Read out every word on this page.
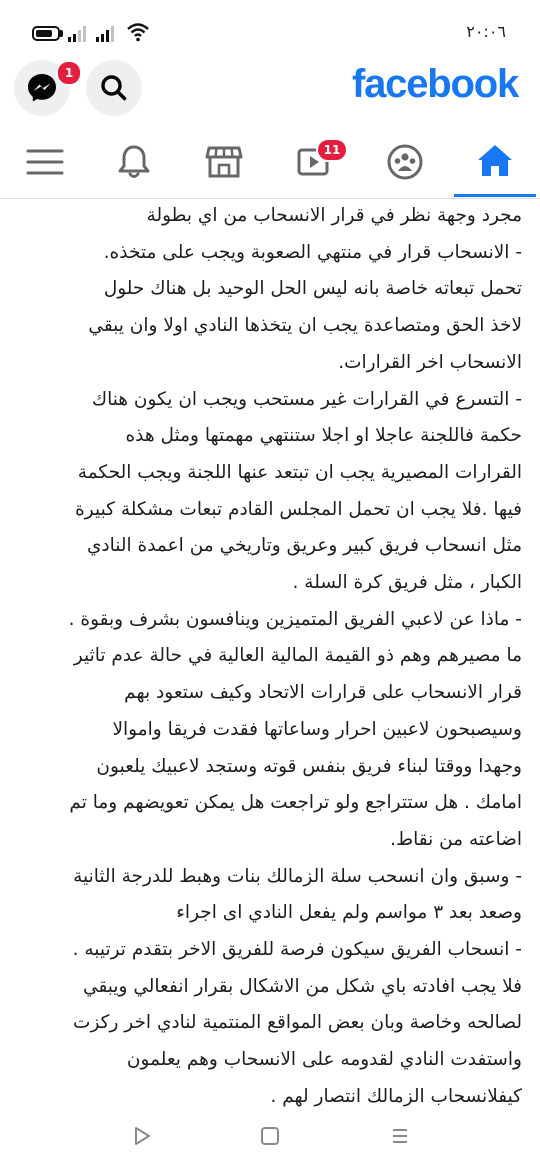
٢٠:٠٦
1	facebook
11

مجرد وجهة نظر في قرار الانسحاب من اي بطولة

- الانسحاب قرار في منتهي الصعوبة ويجب على متخذه.

تحمل تبعاته خاصة بانه ليس الحل الوحيد بل هناك حلول

لاخذ الحق ومتصاعدة يجب ان يتخذها النادي اولا وان يبقي

الانسحاب اخر القرارات.

- التسرع في القرارات غير مستحب ويجب ان يكون هناك

حكمة فاللجنة عاجلا او اجلا ستنتهي مهمتها ومثل هذه

القرارات المصيرية يجب ان تبتعد عنها اللجنة ويجب الحكمة

فيها .فلا يجب ان تحمل المجلس القادم تبعات مشكلة كبيرة

مثل انسحاب فريق كبير وعريق وتاريخي من اعمدة النادي

الكبار ، مثل فريق كرة السلة .

- ماذا عن لاعبي الفريق المتميزين وينافسون بشرف وبقوة .

ما مصيرهم وهم ذو القيمة المالية العالية في حالة عدم تاثير

قرار الانسحاب على قرارات الاتحاد وكيف ستعود بهم

وسيصبحون لاعبين احرار وساعاتها فقدت فريقا واموالا

وجهدا ووقتا لبناء فريق بنفس قوته وستجد لاعبيك يلعبون

امامك . هل ستتراجع ولو تراجعت هل يمكن تعويضهم وما تم

اضاعته من نقاط.

- وسبق وان انسحب سلة الزمالك بنات وهبط للدرجة الثانية

وصعد بعد ٣ مواسم ولم يفعل النادي اى اجراء

- انسحاب الفريق سيكون فرصة للفريق الاخر بتقدم ترتيبه .

فلا يجب افادته باي شكل من الاشكال بقرار انفعالي ويبقي

لصالحه وخاصة وبان بعض المواقع المنتمية لنادي اخر ركزت

واستفدت النادي لقدومه على الانسحاب وهم يعلمون

كيفلانسحاب الزمالك انتصار لهم .
